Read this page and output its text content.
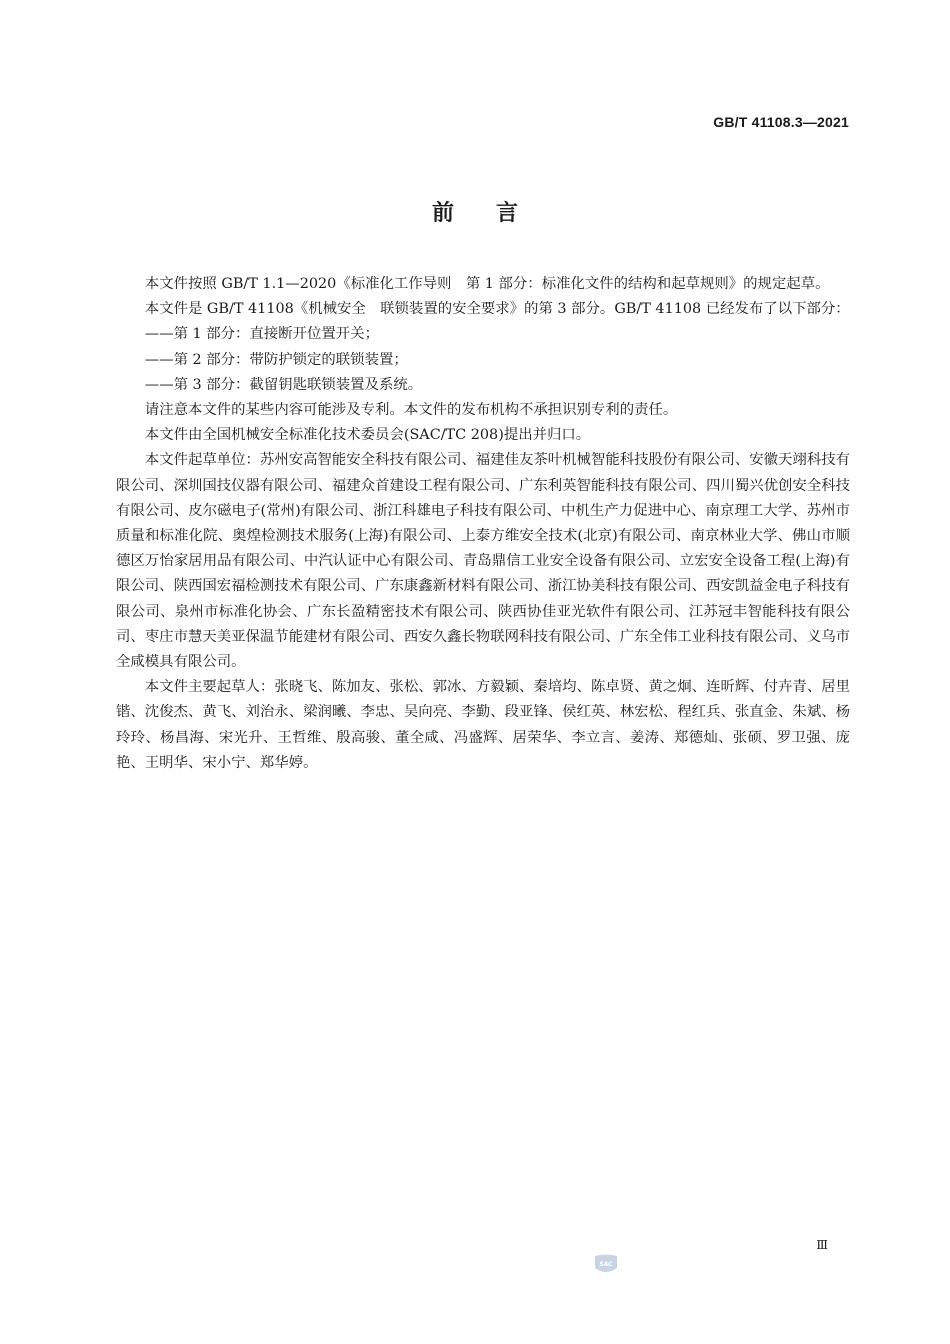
GB/T 41108.3—2021
前言

本文件按照 GB/T 1.1—2020《标准化工作导则　第 1 部分：标准化文件的结构和起草规则》的规定起草。

本文件是 GB/T 41108《机械安全　联锁装置的安全要求》的第 3 部分。GB/T 41108 已经发布了以下部分：

——第 1 部分：直接断开位置开关；

——第 2 部分：带防护锁定的联锁装置；

——第 3 部分：截留钥匙联锁装置及系统。

请注意本文件的某些内容可能涉及专利。本文件的发布机构不承担识别专利的责任。

本文件由全国机械安全标准化技术委员会(SAC/TC 208)提出并归口。

本文件起草单位：苏州安高智能安全科技有限公司、福建佳友茶叶机械智能科技股份有限公司、安徽天翊科技有限公司、深圳国技仪器有限公司、福建众首建设工程有限公司、广东利英智能科技有限公司、四川蜀兴优创安全科技有限公司、皮尔磁电子(常州)有限公司、浙江科雄电子科技有限公司、中机生产力促进中心、南京理工大学、苏州市质量和标准化院、奥煌检测技术服务(上海)有限公司、上泰方维安全技术(北京)有限公司、南京林业大学、佛山市顺德区万怡家居用品有限公司、中汽认证中心有限公司、青岛鼎信工业安全设备有限公司、立宏安全设备工程(上海)有限公司、陕西国宏福检测技术有限公司、广东康鑫新材料有限公司、浙江协美科技有限公司、西安凯益金电子科技有限公司、泉州市标准化协会、广东长盈精密技术有限公司、陕西协佳亚光软件有限公司、江苏冠丰智能科技有限公司、枣庄市慧天美亚保温节能建材有限公司、西安久鑫长物联网科技有限公司、广东全伟工业科技有限公司、义乌市全咸模具有限公司。

本文件主要起草人：张晓飞、陈加友、张松、郭冰、方毅颖、秦培均、陈卓贤、黄之炯、连昕辉、付卉青、居里锴、沈俊杰、黄飞、刘治永、梁润曦、李忠、吴向亮、李勤、段亚锋、侯红英、林宏松、程红兵、张直金、朱斌、杨玲玲、杨昌海、宋光升、王哲维、殷高骏、董全咸、冯盛辉、居荣华、李立言、姜涛、郑德灿、张硕、罗卫强、庞艳、王明华、宋小宁、郑华婷。

Ⅲ
SAC
